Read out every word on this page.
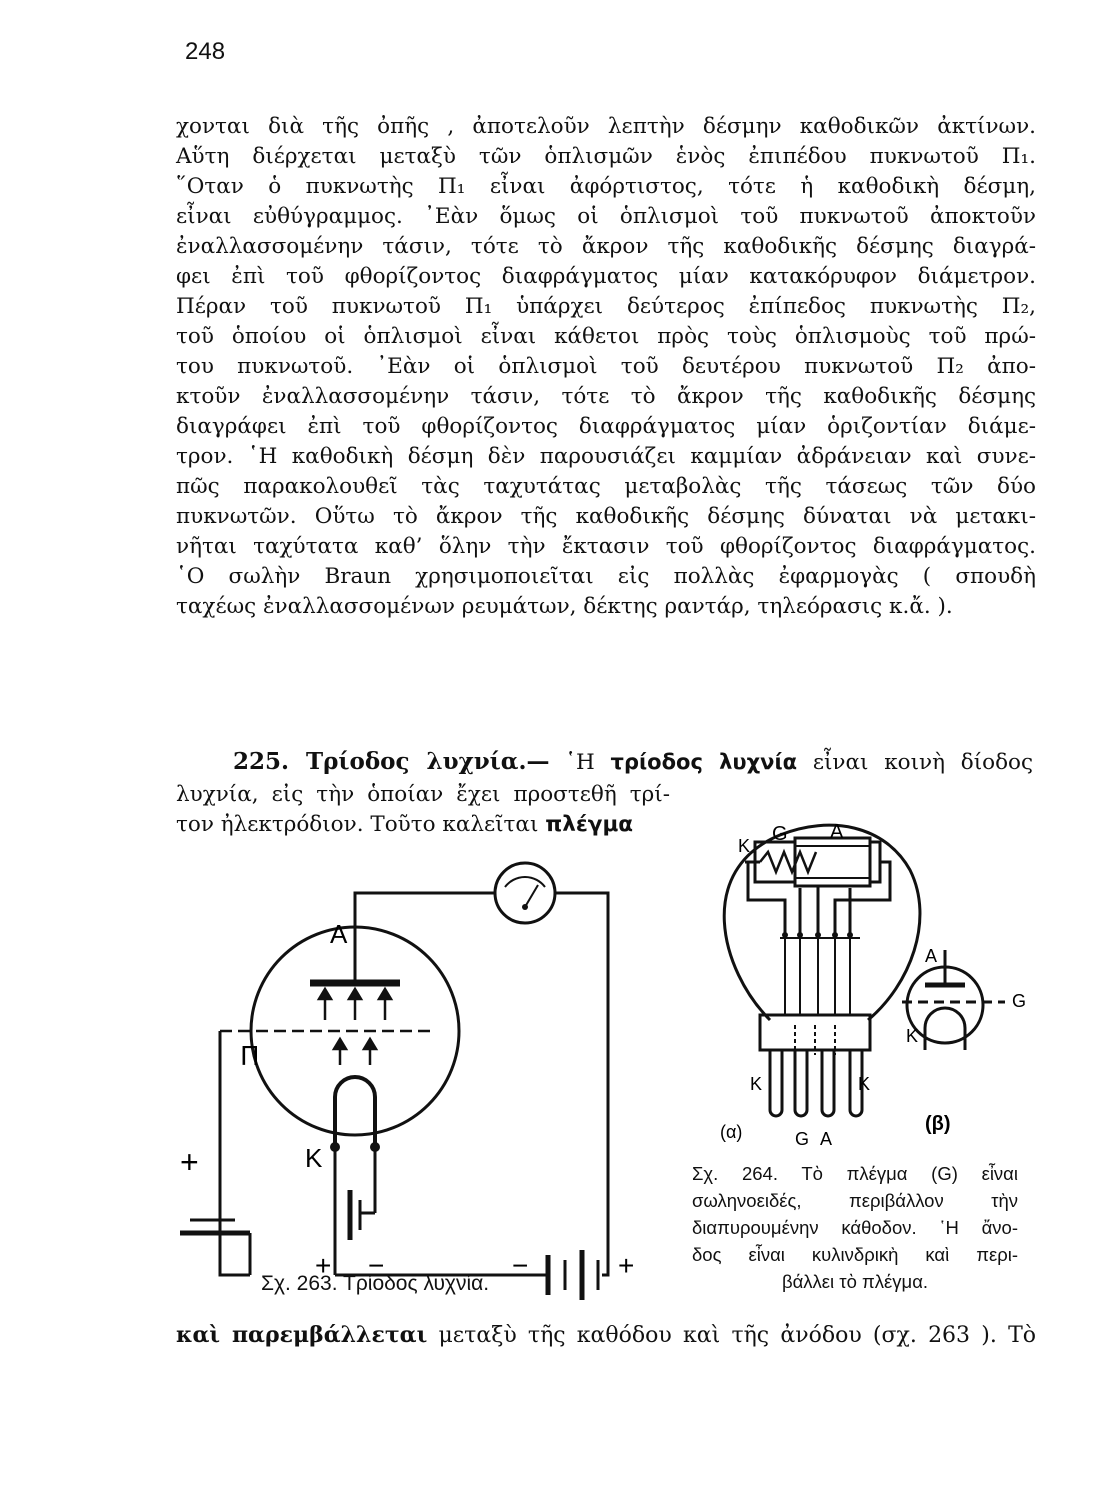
248
χονται διὰ τῆς ὀπῆς , ἀποτελοῦν λεπτὴν δέσμην καθοδικῶν ἀκτίνων.
Αὕτη διέρχεται μεταξὺ τῶν ὁπλισμῶν ἑνὸς ἐπιπέδου πυκνωτοῦ Π₁.
῞Οταν ὁ πυκνωτὴς Π₁ εἶναι ἀφόρτιστος, τότε ἡ καθοδικὴ δέσμη,
εἶναι εὐθύγραμμος. ᾿Εὰν ὅμως οἱ ὁπλισμοὶ τοῦ πυκνωτοῦ ἀποκτοῦν
ἐναλλασσομένην τάσιν, τότε τὸ ἄκρον τῆς καθοδικῆς δέσμης διαγρά-
φει ἐπὶ τοῦ φθορίζοντος διαφράγματος μίαν κατακόρυφον διάμετρον.
Πέραν τοῦ πυκνωτοῦ Π₁ ὑπάρχει δεύτερος ἐπίπεδος πυκνωτὴς Π₂,
τοῦ ὁποίου οἱ ὁπλισμοὶ εἶναι κάθετοι πρὸς τοὺς ὁπλισμοὺς τοῦ πρώ-
του πυκνωτοῦ. ᾿Εὰν οἱ ὁπλισμοὶ τοῦ δευτέρου πυκνωτοῦ Π₂ ἀπο-
κτοῦν ἐναλλασσομένην τάσιν, τότε τὸ ἄκρον τῆς καθοδικῆς δέσμης
διαγράφει ἐπὶ τοῦ φθορίζοντος διαφράγματος μίαν ὁριζοντίαν διάμε-
τρον. ῾Η καθοδικὴ δέσμη δὲν παρουσιάζει καμμίαν ἀδράνειαν καὶ συνε-
πῶς παρακολουθεῖ τὰς ταχυτάτας μεταβολὰς τῆς τάσεως τῶν δύο
πυκνωτῶν. Οὕτω τὸ ἄκρον τῆς καθοδικῆς δέσμης δύναται νὰ μετακι-
νῆται ταχύτατα καθ’ ὅλην τὴν ἔκτασιν τοῦ φθορίζοντος διαφράγματος.
῾Ο σωλὴν Braun χρησιμοποιεῖται εἰς πολλὰς ἐφαρμογὰς ( σπουδὴ
ταχέως ἐναλλασσομένων ρευμάτων, δέκτης ραντάρ, τηλεόρασις κ.ἄ. ).
225. Τρίοδος λυχνία.— ῾Η τρίοδος λυχνία εἶναι κοινὴ δίοδος
λυχνία, εἰς τὴν ὁποίαν ἔχει προστεθῆ τρί-
τον ἠλεκτρόδιον. Τοῦτο καλεῖται πλέγμα
A
Π
K
+
+ −	−	+
Σχ. 263. Τρίοδος λυχνία.
K
G A
K	K
G A
(α)	(β)
A
G
K
Σχ. 264. Τὸ πλέγμα (G) εἶναι
σωληνοειδές, περιβάλλον τὴν
διαπυρουμένην κάθοδον. ῾Η ἄνο-
δος εἶναι κυλινδρικὴ καὶ περι-
βάλλει τὸ πλέγμα.
καὶ παρεμβάλλεται μεταξὺ τῆς καθόδου καὶ τῆς ἀνόδου (σχ. 263 ). Τὸ
